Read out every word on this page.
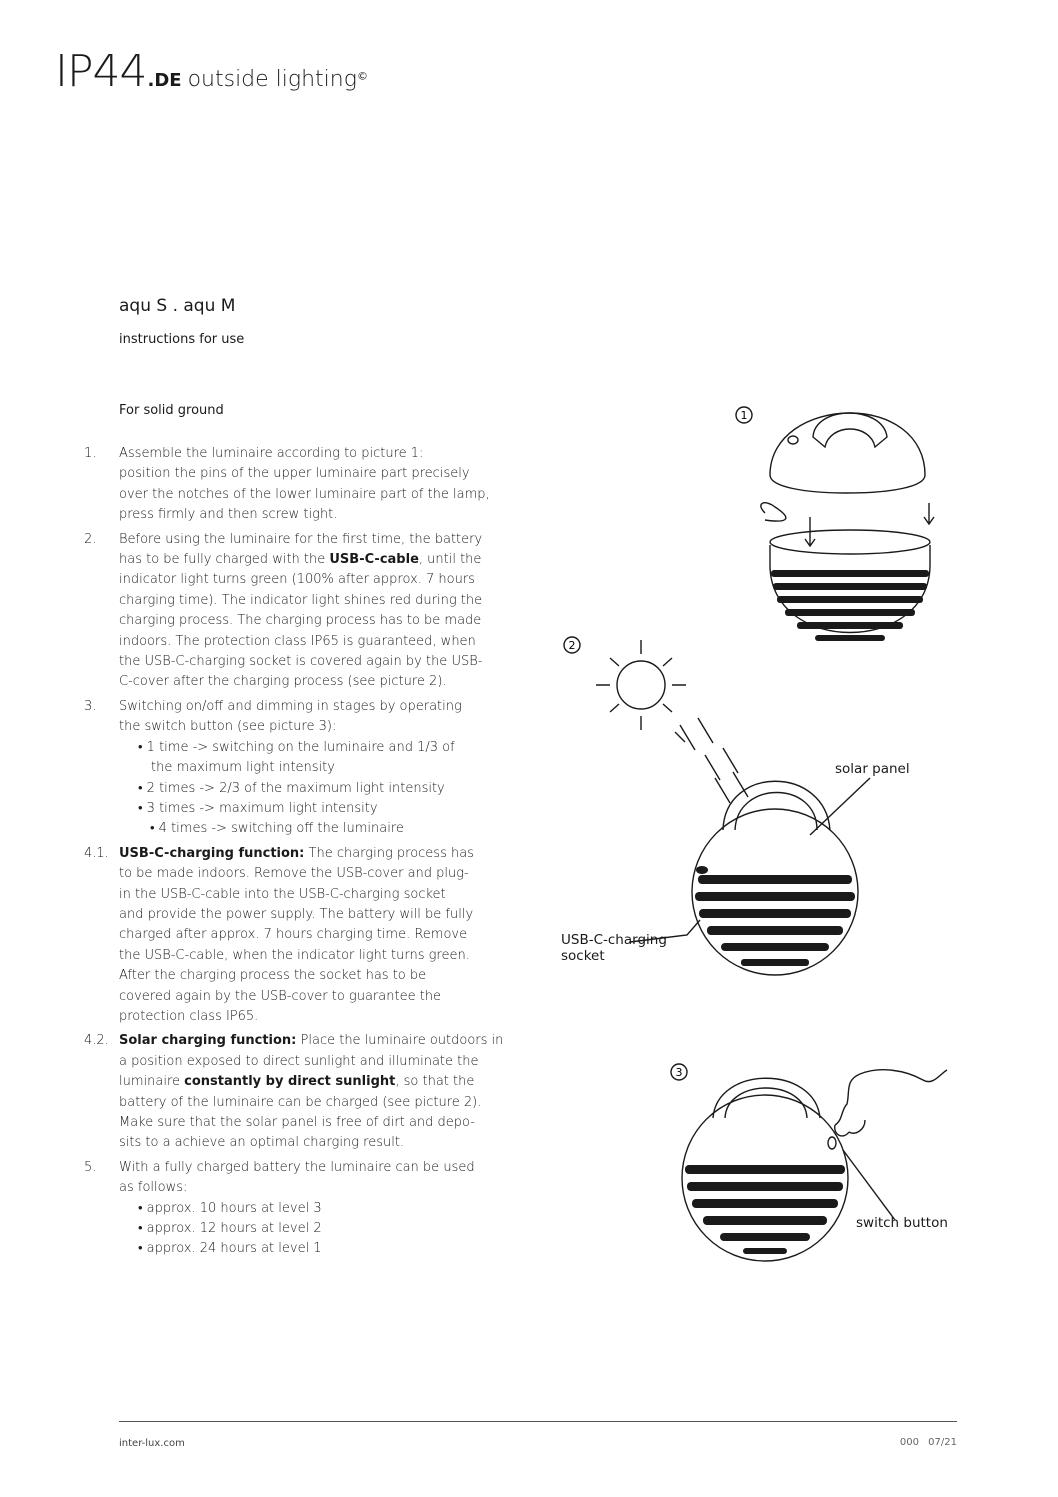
IP44.DE outside lighting©
aqu S . aqu M
instructions for use
For solid ground
1.	Assemble the luminaire according to picture 1:
position the pins of the upper luminaire part precisely
over the notches of the lower luminaire part of the lamp,
press firmly and then screw tight.
2.	Before using the luminaire for the first time, the battery
has to be fully charged with the USB-C-cable, until the
indicator light turns green (100% after approx. 7 hours
charging time). The indicator light shines red during the
charging process. The charging process has to be made
indoors. The protection class IP65 is guaranteed, when
the USB-C-charging socket is covered again by the USB-
C-cover after the charging process (see picture 2).
3.	Switching on/off and dimming in stages by operating
the switch button (see picture 3):
• 1 time -> switching on the luminaire and 1/3 of
the maximum light intensity
• 2 times -> 2/3 of the maximum light intensity
• 3 times -> maximum light intensity
• 4 times -> switching off the luminaire
4.1. USB-C-charging function: The charging process has
to be made indoors. Remove the USB-cover and plug-
in the USB-C-cable into the USB-C-charging socket
and provide the power supply. The battery will be fully
charged after approx. 7 hours charging time. Remove
the USB-C-cable, when the indicator light turns green.
After the charging process the socket has to be
covered again by the USB-cover to guarantee the
protection class IP65.
4.2. Solar charging function: Place the luminaire outdoors in
a position exposed to direct sunlight and illuminate the
luminaire constantly by direct sunlight, so that the
battery of the luminaire can be charged (see picture 2).
Make sure that the solar panel is free of dirt and depo-
sits to a achieve an optimal charging result.
5.	With a fully charged battery the luminaire can be used
as follows:
• approx. 10 hours at level 3
• approx. 12 hours at level 2
• approx. 24 hours at level 1
1
2
solar panel
USB-C-charging
socket
3
switch button
inter-lux.com	000 07/21
